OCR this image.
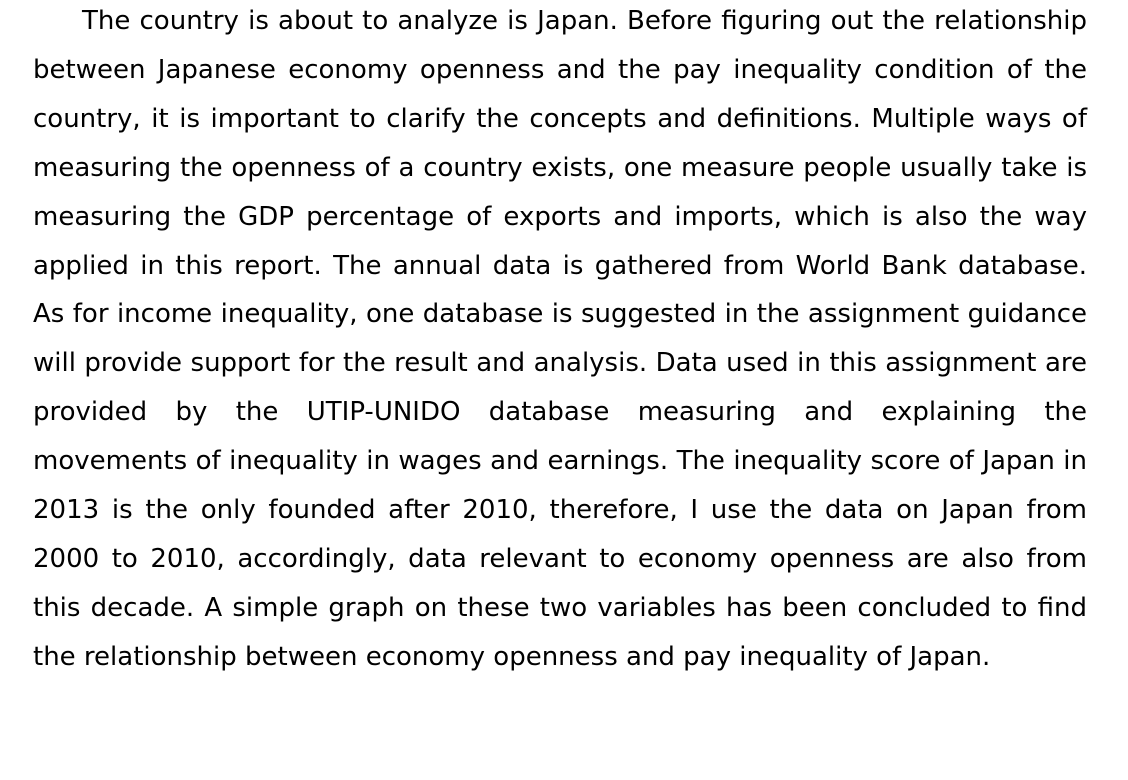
The country is about to analyze is Japan. Before figuring out the relationship between Japanese economy openness and the pay inequality condition of the country, it is important to clarify the concepts and definitions. Multiple ways of measuring the openness of a country exists, one measure people usually take is measuring the GDP percentage of exports and imports, which is also the way applied in this report. The annual data is gathered from World Bank database. As for income inequality, one database is suggested in the assignment guidance will provide support for the result and analysis. Data used in this assignment are provided by the UTIP-UNIDO database measuring and explaining the movements of inequality in wages and earnings. The inequality score of Japan in 2013 is the only founded after 2010, therefore, I use the data on Japan from 2000 to 2010, accordingly, data relevant to economy openness are also from this decade. A simple graph on these two variables has been concluded to find the relationship between economy openness and pay inequality of Japan.
